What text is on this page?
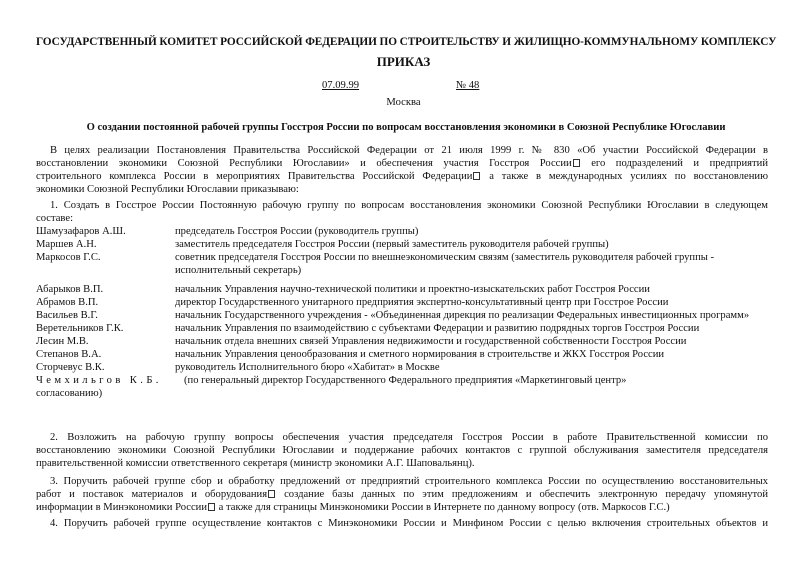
ГОСУДАРСТВЕННЫЙ КОМИТЕТ РОССИЙСКОЙ ФЕДЕРАЦИИ ПО СТРОИТЕЛЬСТВУ И ЖИЛИЩНО-КОММУНАЛЬНОМУ КОМПЛЕКСУ
ПРИКАЗ
07.09.99	№ 48
Москва
О создании постоянной рабочей группы Госстроя России по вопросам восстановления экономики в Союзной Республике Югославии
В целях реализации Постановления Правительства Российской Федерации от 21 июля 1999 г. № 830 «Об участии Российской Федерации в
восстановлении экономики Союзной Республики Югославии» и обеспечения участия Госстроя России его подразделений и предприятий
строительного комплекса России в мероприятиях Правительства Российской Федерации а также в международных усилиях по восстановлению
экономики Союзной Республики Югославии приказываю:
1. Создать в Госстрое России Постоянную рабочую группу по вопросам восстановления экономики Союзной Республики Югославии в следующем
составе:
Шамузафаров А.Ш.	председатель Госстроя России (руководитель группы)
Маршев А.Н.	заместитель председателя Госстроя России (первый заместитель руководителя рабочей группы)
Маркосов Г.С.	советник председателя Госстроя России по внешнеэкономическим связям (заместитель руководителя рабочей группы - исполнительный секретарь)
Абарыков В.П.	начальник Управления научно-технической политики и проектно-изыскательских работ Госстроя России
Абрамов В.П.	директор Государственного унитарного предприятия экспертно-консультативный центр при Госстрое России
Васильев В.Г.	начальник Государственного учреждения - «Объединенная дирекция по реализации Федеральных инвестиционных программ»
Веретельников Г.К.	начальник Управления по взаимодействию с субъектами Федерации и развитию подрядных торгов Госстроя России
Лесин М.В.	начальник отдела внешних связей Управления недвижимости и государственной собственности Госстроя России
Степанов В.А.	начальник Управления ценообразования и сметного нормирования в строительстве и ЖКХ Госстроя России
Сторчевус В.К.	руководитель Исполнительного бюро «Хабитат» в Москве
Чемхильгов К.Б. (по генеральный директор Государственного Федерального предприятия «Маркетинговый центр»
согласованию)
2. Возложить на рабочую группу вопросы обеспечения участия председателя Госстроя России в работе Правительственной комиссии по
восстановлению экономики Союзной Республики Югославии и поддержание рабочих контактов с группой обслуживания заместителя председателя
правительственной комиссии ответственного секретаря (министр экономики А.Г. Шаповальянц).
3. Поручить рабочей группе сбор и обработку предложений от предприятий строительного комплекса России по осуществлению восстановительных
работ и поставок материалов и оборудования создание базы данных по этим предложениям и обеспечить электронную передачу упомянутой
информации в Минэкономики России а также для страницы Минэкономики России в Интернете по данному вопросу (отв. Маркосов Г.С.)
4. Поручить рабочей группе осуществление контактов с Минэкономики России и Минфином России с целью включения строительных объектов и
